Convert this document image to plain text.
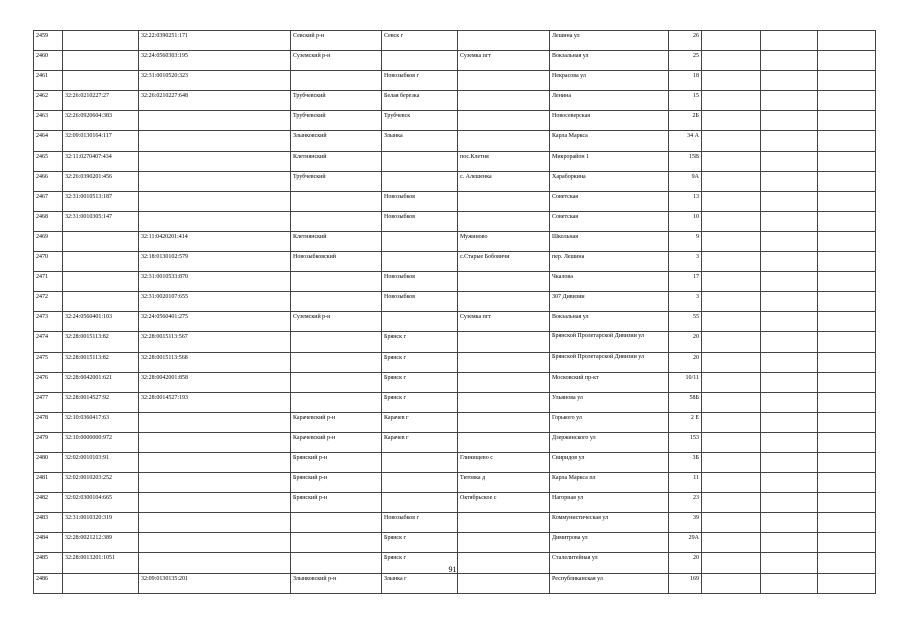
2459		32:22:0390251:171	Севский р-н	Севск г		Лешина ул	26			
2460		32:24:0560303:195	Суземский р-н		Суземка пгт	Вокзальная ул	25			
2461		32:31:0010520:323		Новозыбков г		Некрасова ул	18			
2462	32:26:0210227:27	32:26:0210227:648	Трубчевский	Белая березка		Ленина	15			
2463	32:26:0920604:383		Трубчевский	Трубчевск		Новосеверская	2Б			
2464	32:09:0130164:117		Злынковский	Злынка		Карла Маркса	34 А			
2465	32:11:0270407:434		Клетнянский		пос.Клетня	Микрорайон 1	15В			
2466	32:26:0390201:456		Трубчевский		с. Алешенка	Хараборкина	9А			
2467	32:31:0010513:187			Новозыбков		Советская	13			
2468	32:31:0010305:147			Новозыбков		Советская	10			
2469		32:11:0420201:414	Клетнянский		Мужиново	Школьная	9			
2470		32:18:0130102:579	Новозыбковский		с.Старые Бобовичи	пер. Лешина	3			
2471		32:31:0010533:870		Новозыбков		Чкалова	17			
2472		32:31:0020107:655		Новозыбков		307 Дивизии	3			
2473	32:24:0560401:103	32:24:0560401:275	Суземский р-н		Суземка пгт	Вокзальная ул	55			
2474	32:28:0015113:82	32:28:0015113:567		Брянск г		Брянской Пролетарской Дивизии ул	20			
2475	32:28:0015113:82	32:28:0015113:568		Брянск г		Брянской Пролетарской Дивизии ул	20			
2476	32:28:0042001:621	32:28:0042001:858		Брянск г		Московский пр-кт	10/11			
2477	32:28:0014527:92	32:28:0014527:193		Брянск г		Ульянова ул	58Б			
2478	32:10:0360417:63		Карачевский р-н	Карачев г		Горького ул	2 Е			
2479	32:10:0000000:972		Карачевский р-н	Карачев г		Дзержинского ул	153			
2480	32:02:0010103:91		Брянский р-н		Глинищево с	Свиридов ул	3Б			
2481	32:02:0010203:252		Брянский р-н		Титовка д	Карла Маркса пл	11			
2482	32:02:0300104:665		Брянский р-н		Октябрьское с	Нагорная ул	23			
2483	32:31:0010320:319			Новозыбков г		Коммунистическая ул	39			
2484	32:28:0021212:389			Брянск г		Димитрова ул	29А			
2485	32:28:0013201:1051			Брянск г		Сталелитейная ул	20			
2486		32:09:0130135:201	Злынковский р-н	Злынка г		Республиканская ул	169			
91
